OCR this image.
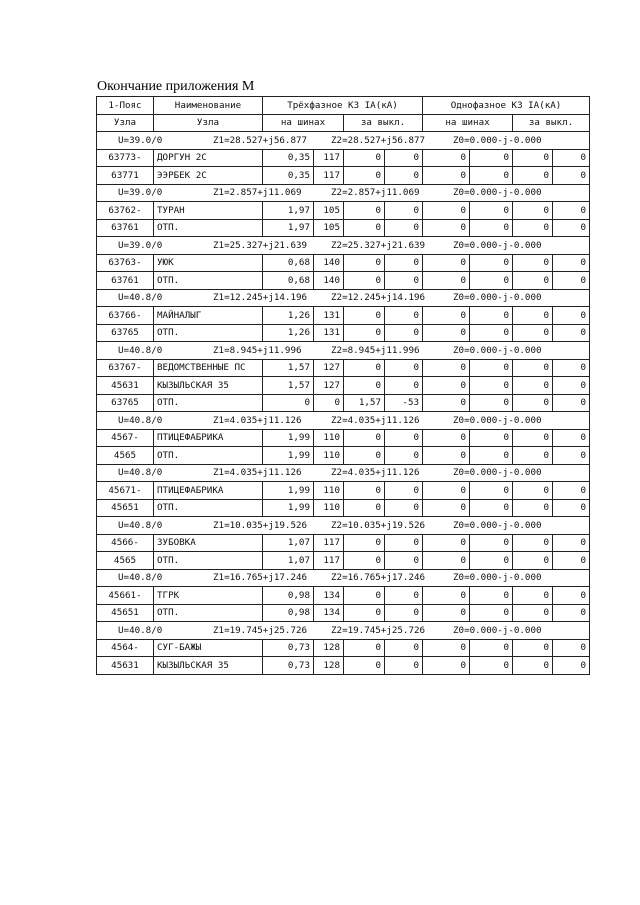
Окончание приложения М
1-Пояс	Наименование	Трёхфазное КЗ IA(кА)				Однофазное КЗ IA(кА)			
Узла	Узла	на шинах		за выкл.		на шинах		за выкл.	
U=39.0/0 Z1=28.527+j56.877 Z2=28.527+j56.877 Z0=0.000-j-0.000									
63773-	ДОРГУН 2С	0,35	117	0	0	0	0	0	0
63771	ЭЭРБЕК 2С	0,35	117	0	0	0	0	0	0
U=39.0/0 Z1=2.857+j11.069 Z2=2.857+j11.069 Z0=0.000-j-0.000									
63762-	ТУРАН	1,97	105	0	0	0	0	0	0
63761	ОТП.	1,97	105	0	0	0	0	0	0
U=39.0/0 Z1=25.327+j21.639 Z2=25.327+j21.639 Z0=0.000-j-0.000									
63763-	УЮК	0,68	140	0	0	0	0	0	0
63761	ОТП.	0,68	140	0	0	0	0	0	0
U=40.8/0 Z1=12.245+j14.196 Z2=12.245+j14.196 Z0=0.000-j-0.000									
63766-	МАЙНАЛЫГ	1,26	131	0	0	0	0	0	0
63765	ОТП.	1,26	131	0	0	0	0	0	0
U=40.8/0 Z1=8.945+j11.996 Z2=8.945+j11.996 Z0=0.000-j-0.000									
63767-	ВЕДОМСТВЕННЫЕ ПС	1,57	127	0	0	0	0	0	0
45631	КЫЗЫЛЬСКАЯ 35	1,57	127	0	0	0	0	0	0
63765	ОТП.	0	0	1,57	-53	0	0	0	0
U=40.8/0 Z1=4.035+j11.126 Z2=4.035+j11.126 Z0=0.000-j-0.000									
4567-	ПТИЦЕФАБРИКА	1,99	110	0	0	0	0	0	0
4565	ОТП.	1,99	110	0	0	0	0	0	0
U=40.8/0 Z1=4.035+j11.126 Z2=4.035+j11.126 Z0=0.000-j-0.000									
45671-	ПТИЦЕФАБРИКА	1,99	110	0	0	0	0	0	0
45651	ОТП.	1,99	110	0	0	0	0	0	0
U=40.8/0 Z1=10.035+j19.526 Z2=10.035+j19.526 Z0=0.000-j-0.000									
4566-	ЗУБОВКА	1,07	117	0	0	0	0	0	0
4565	ОТП.	1,07	117	0	0	0	0	0	0
U=40.8/0 Z1=16.765+j17.246 Z2=16.765+j17.246 Z0=0.000-j-0.000									
45661-	ТГРК	0,98	134	0	0	0	0	0	0
45651	ОТП.	0,98	134	0	0	0	0	0	0
U=40.8/0 Z1=19.745+j25.726 Z2=19.745+j25.726 Z0=0.000-j-0.000									
4564-	СУГ-БАЖЫ	0,73	128	0	0	0	0	0	0
45631	КЫЗЫЛЬСКАЯ 35	0,73	128	0	0	0	0	0	0
